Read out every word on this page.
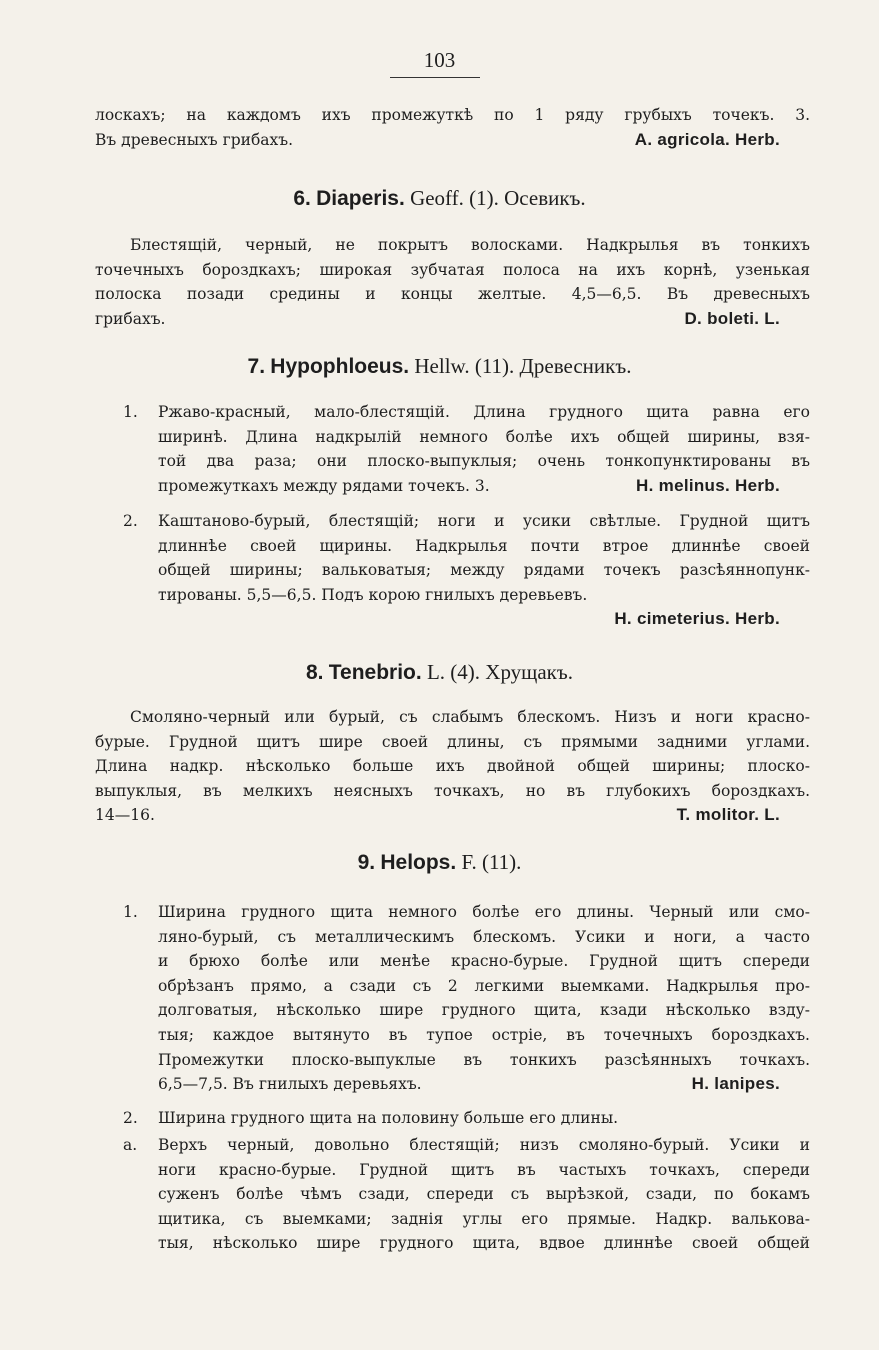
103
лоскахъ; на каждомъ ихъ промежуткѣ по 1 ряду грубыхъ точекъ. 3.
Въ древесныхъ грибахъ.	A. agricola. Herb.
6. Diaperis. Geoff. (1). Осевикъ.
Блестящій, черный, не покрытъ волосками. Надкрылья въ тонкихъ
точечныхъ бороздкахъ; широкая зубчатая полоса на ихъ корнѣ, узенькая
полоска позади средины и концы желтые. 4,5—6,5. Въ древесныхъ
грибахъ.	D. boleti. L.
7. Hypophloeus. Hellw. (11). Древесникъ.
1.	Ржаво-красный, мало-блестящій. Длина грудного щита равна его
ширинѣ. Длина надкрылій немного болѣе ихъ общей ширины, взя-
той два раза; они плоско-выпуклыя; очень тонкопунктированы въ
промежуткахъ между рядами точекъ. 3.	H. melinus. Herb.
2.	Каштаново-бурый, блестящій; ноги и усики свѣтлые. Грудной щитъ
длиннѣе своей щирины. Надкрылья почти втрое длиннѣе своей
общей ширины; вальковатыя; между рядами точекъ разсѣяннопунк-
тированы. 5,5—6,5. Подъ корою гнилыхъ деревьевъ.
H. cimeterius. Herb.
8. Tenebrio. L. (4). Хрущакъ.
Смоляно-черный или бурый, съ слабымъ блескомъ. Низъ и ноги красно-
бурые. Грудной щитъ шире своей длины, съ прямыми задними углами.
Длина надкр. нѣсколько больше ихъ двойной общей ширины; плоско-
выпуклыя, въ мелкихъ неясныхъ точкахъ, но въ глубокихъ бороздкахъ.
14—16.	T. molitor. L.
9. Helops. F. (11).
1.	Ширина грудного щита немного болѣе его длины. Черный или смо-
ляно-бурый, съ металлическимъ блескомъ. Усики и ноги, а часто
и брюхо болѣе или менѣе красно-бурые. Грудной щитъ спереди
обрѣзанъ прямо, а сзади съ 2 легкими выемками. Надкрылья про-
долговатыя, нѣсколько шире грудного щита, кзади нѣсколько взду-
тыя; каждое вытянуто въ тупое остріе, въ точечныхъ бороздкахъ.
Промежутки плоско-выпуклые въ тонкихъ разсѣянныхъ точкахъ.
6,5—7,5. Въ гнилыхъ деревьяхъ.	H. lanipes.
2.	Ширина грудного щита на половину больше его длины.
a.	Верхъ черный, довольно блестящій; низъ смоляно-бурый. Усики и
ноги красно-бурые. Грудной щитъ въ частыхъ точкахъ, спереди
суженъ болѣе чѣмъ сзади, спереди съ вырѣзкой, сзади, по бокамъ
щитика, съ выемками; заднія углы его прямые. Надкр. вальковa-
тыя, нѣсколько шире грудного щита, вдвое длиннѣе своей общей
